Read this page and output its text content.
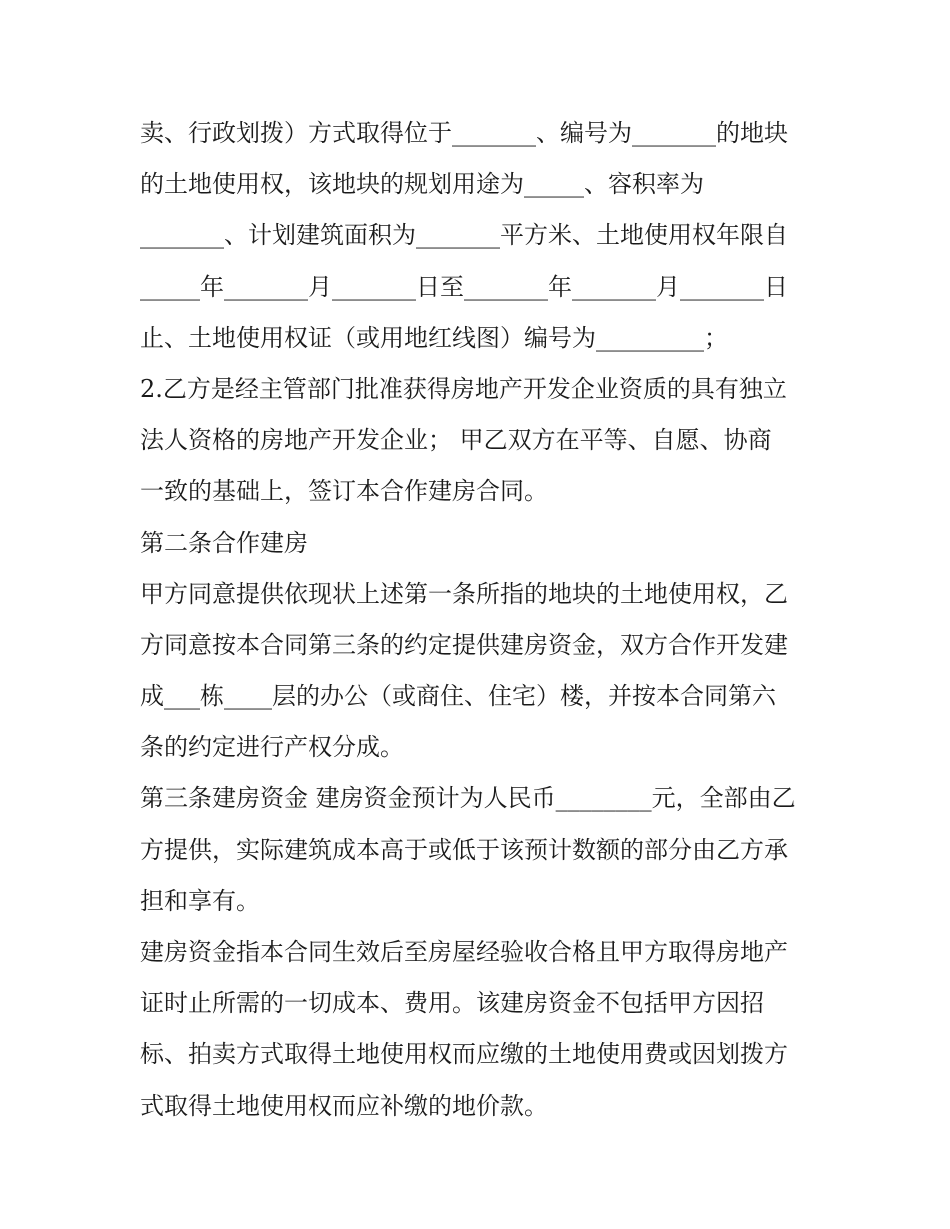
卖、行政划拨）方式取得位于_______、编号为_______的地块
的土地使用权，该地块的规划用途为_____、容积率为
_______、计划建筑面积为_______平方米、土地使用权年限自
_____年_______月_______日至_______年_______月_______日
止、土地使用权证（或用地红线图）编号为_________；
2.乙方是经主管部门批准获得房地产开发企业资质的具有独立
法人资格的房地产开发企业； 甲乙双方在平等、自愿、协商
一致的基础上，签订本合作建房合同。
第二条合作建房
甲方同意提供依现状上述第一条所指的地块的土地使用权，乙
方同意按本合同第三条的约定提供建房资金，双方合作开发建
成___栋____层的办公（或商住、住宅）楼，并按本合同第六
条的约定进行产权分成。
第三条建房资金 建房资金预计为人民币________元，全部由乙
方提供，实际建筑成本高于或低于该预计数额的部分由乙方承
担和享有。
建房资金指本合同生效后至房屋经验收合格且甲方取得房地产
证时止所需的一切成本、费用。该建房资金不包括甲方因招
标、拍卖方式取得土地使用权而应缴的土地使用费或因划拨方
式取得土地使用权而应补缴的地价款。
